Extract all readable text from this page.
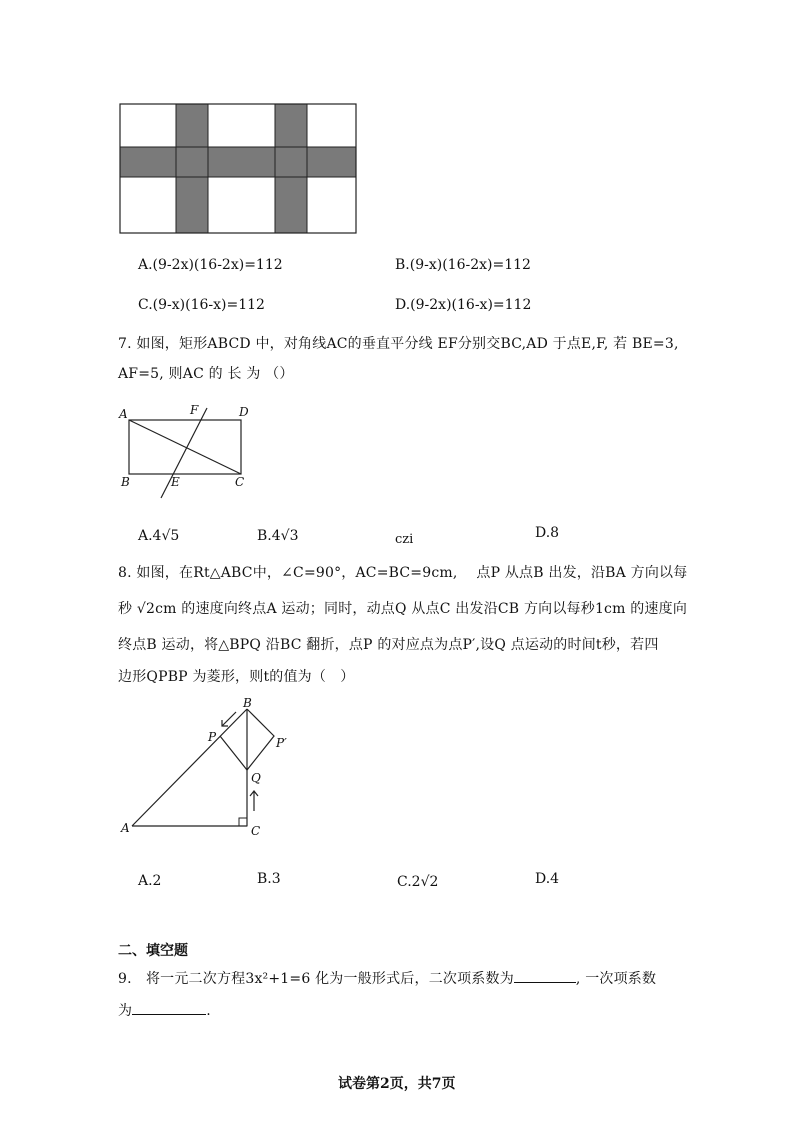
A.(9-2x)(16-2x)=112	B.(9-x)(16-2x)=112
C.(9-x)(16-x)=112	D.(9-2x)(16-x)=112
7. 如图，矩形ABCD 中，对角线AC的垂直平分线 EF分别交BC,AD 于点E,F, 若 BE=3,
AF=5, 则AC 的 长 为 （）
A	F	D
B	E	C
A.4√5	B.4√3	czi	D.8
8. 如图，在Rt△ABC中，∠C=90°，AC=BC=9cm,　 点P 从点B 出发，沿BA 方向以每
秒 √2cm 的速度向终点A 运动；同时，动点Q 从点C 出发沿CB 方向以每秒1cm 的速度向
终点B 运动，将△BPQ 沿BC 翻折，点P 的对应点为点P′,设Q 点运动的时间t秒，若四
边形QPBP 为菱形，则t的值为（　）
B
P	P′
Q
A	C
A.2	B.3	C.2√2	D.4
二、填空题
9.　将一元二次方程3x²+1=6 化为一般形式后，二次项系数为	, 一次项系数
为	.
试卷第2页，共7页
